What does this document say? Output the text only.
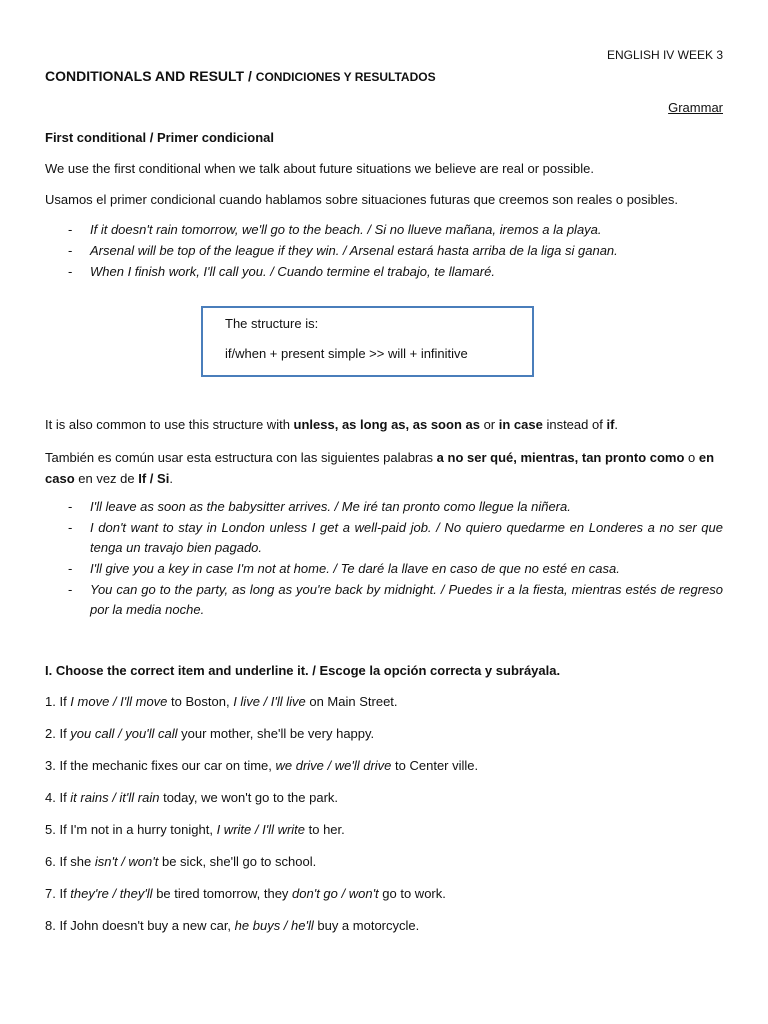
ENGLISH IV WEEK 3
CONDITIONALS AND RESULT / CONDICIONES Y RESULTADOS
Grammar
First conditional / Primer condicional
We use the first conditional when we talk about future situations we believe are real or possible.
Usamos el primer condicional cuando hablamos sobre situaciones futuras que creemos son reales o posibles.
- If it doesn't rain tomorrow, we'll go to the beach. / Si no llueve mañana, iremos a la playa.
- Arsenal will be top of the league if they win. / Arsenal estará hasta arriba de la liga si ganan.
- When I finish work, I'll call you. / Cuando termine el trabajo, te llamaré.
The structure is:
if/when + present simple >> will + infinitive
It is also common to use this structure with unless, as long as, as soon as or in case instead of if.
También es común usar esta estructura con las siguientes palabras a no ser qué, mientras, tan pronto como o en caso en vez de If / Si.
- I'll leave as soon as the babysitter arrives. / Me iré tan pronto como llegue la niñera.
- I don't want to stay in London unless I get a well-paid job. / No quiero quedarme en Londeres a no ser que tenga un travajo bien pagado.
- I'll give you a key in case I'm not at home. / Te daré la llave en caso de que no esté en casa.
- You can go to the party, as long as you're back by midnight. / Puedes ir a la fiesta, mientras estés de regreso por la media noche.
I. Choose the correct item and underline it. / Escoge la opción correcta y subráyala.
1. If I move / I'll move to Boston, I live / I'll live on Main Street.
2. If you call / you'll call your mother, she'll be very happy.
3. If the mechanic fixes our car on time, we drive / we'll drive to Center ville.
4. If it rains / it'll rain today, we won't go to the park.
5. If I'm not in a hurry tonight, I write / I'll write to her.
6. If she isn't / won't be sick, she'll go to school.
7. If they're / they'll be tired tomorrow, they don't go / won't go to work.
8. If John doesn't buy a new car, he buys / he'll buy a motorcycle.
